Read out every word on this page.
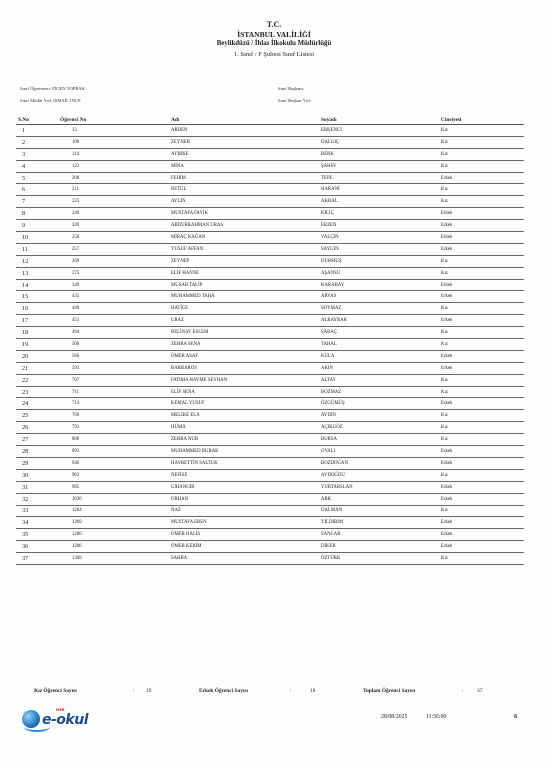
T.C.
İSTANBUL VALİLİĞİ
Beylikdüzü / İhlas İlkokulu Müdürlüğü
1. Sınıf / F Şubesi Sınıf Listesi
Sınıf Öğretmeni: FİGEN TOPRAK	Sınıf Başkanı:
Sınıf Müdür Yrd: İSMAİL İNCE	Sınıf Başkan Yrd:
S.No	Öğrenci No	Adı	Soyadı	Cinsiyeti
1	13	ARDEN	ERKENCİ	Kız
2	106	ZEYNEB	DALGIÇ	Kız
3	114	AYBİKE	BERK	Kız
4	122	MİNA	ŞAHİN	Kız
5	208	FEHİM	TEPE	Erkek
6	211	BETÜL	HARANİ	Kız
7	225	AYLİN	AKBAL	Kız
8	240	MUSTAFA FAYİK	KILIÇ	Erkek
9	249	ABDURRAHMAN URAS	ERZEN	Erkek
10	256	MİRAÇ KAĞAN	YALÇIN	Erkek
11	257	YUSUF AFFAN	SAYGIN	Erkek
12	269	ZEYNEP	DURMUŞ	Kız
13	275	ELİF HANNE	AŞANSU	Kız
14	349	MUSAB TALİP	KARABAY	Erkek
15	435	MUHAMMED TAHA	ARVAS	Erkek
16	440	HATİCE	SOYMAZ	Kız
17	451	URAZ	ALBAYRAK	Erkek
18	494	BELİNAY ESLEM	SARAÇ	Kız
19	506	ZEHRA SENA	TAHAL	Kız
20	560	ÖMER ASAF	KULA	Erkek
21	593	BARBAROS	AKIN	Erkek
22	707	FATIMA HAYME SEYHAN	ALTAY	Kız
23	711	ELİF SENA	BOZMAZ	Kız
24	714	KEMAL YUSUF	ÖZGÜMÜŞ	Erkek
25	769	MELİKE ELA	AYDIN	Kız
26	793	HÜMA	AÇIKGÖZ	Kız
27	888	ZEHRA NUR	BURSA	Kız
28	893	MUHAMMED BURAK	OVALI	Erkek
29	946	HAYRETTİN SALTUK	BOZDOĞAN	Erkek
30	963	NEFİSE	AYDOĞDU	Kız
31	985	CİHANGİR	YURTARSLAN	Erkek
32	1030	ORHAN	ARK	Erkek
33	1264	NAZ	DALMAN	Kız
34	1269	MUSTAFA EREN	YILDIRIM	Erkek
35	1280	ÖMER HALİS	SANCAR	Erkek
36	1286	ÖMER KERİM	DİKER	Erkek
37	1308	SAHRA	ÖZTÜRK	Kız
Kız Öğrenci Sayısı	: 19	Erkek Öğrenci Sayısı	:	18	Toplam Öğrenci Sayısı	:	37
MEB
e-okul	28/08/2025	11:56:00	6
